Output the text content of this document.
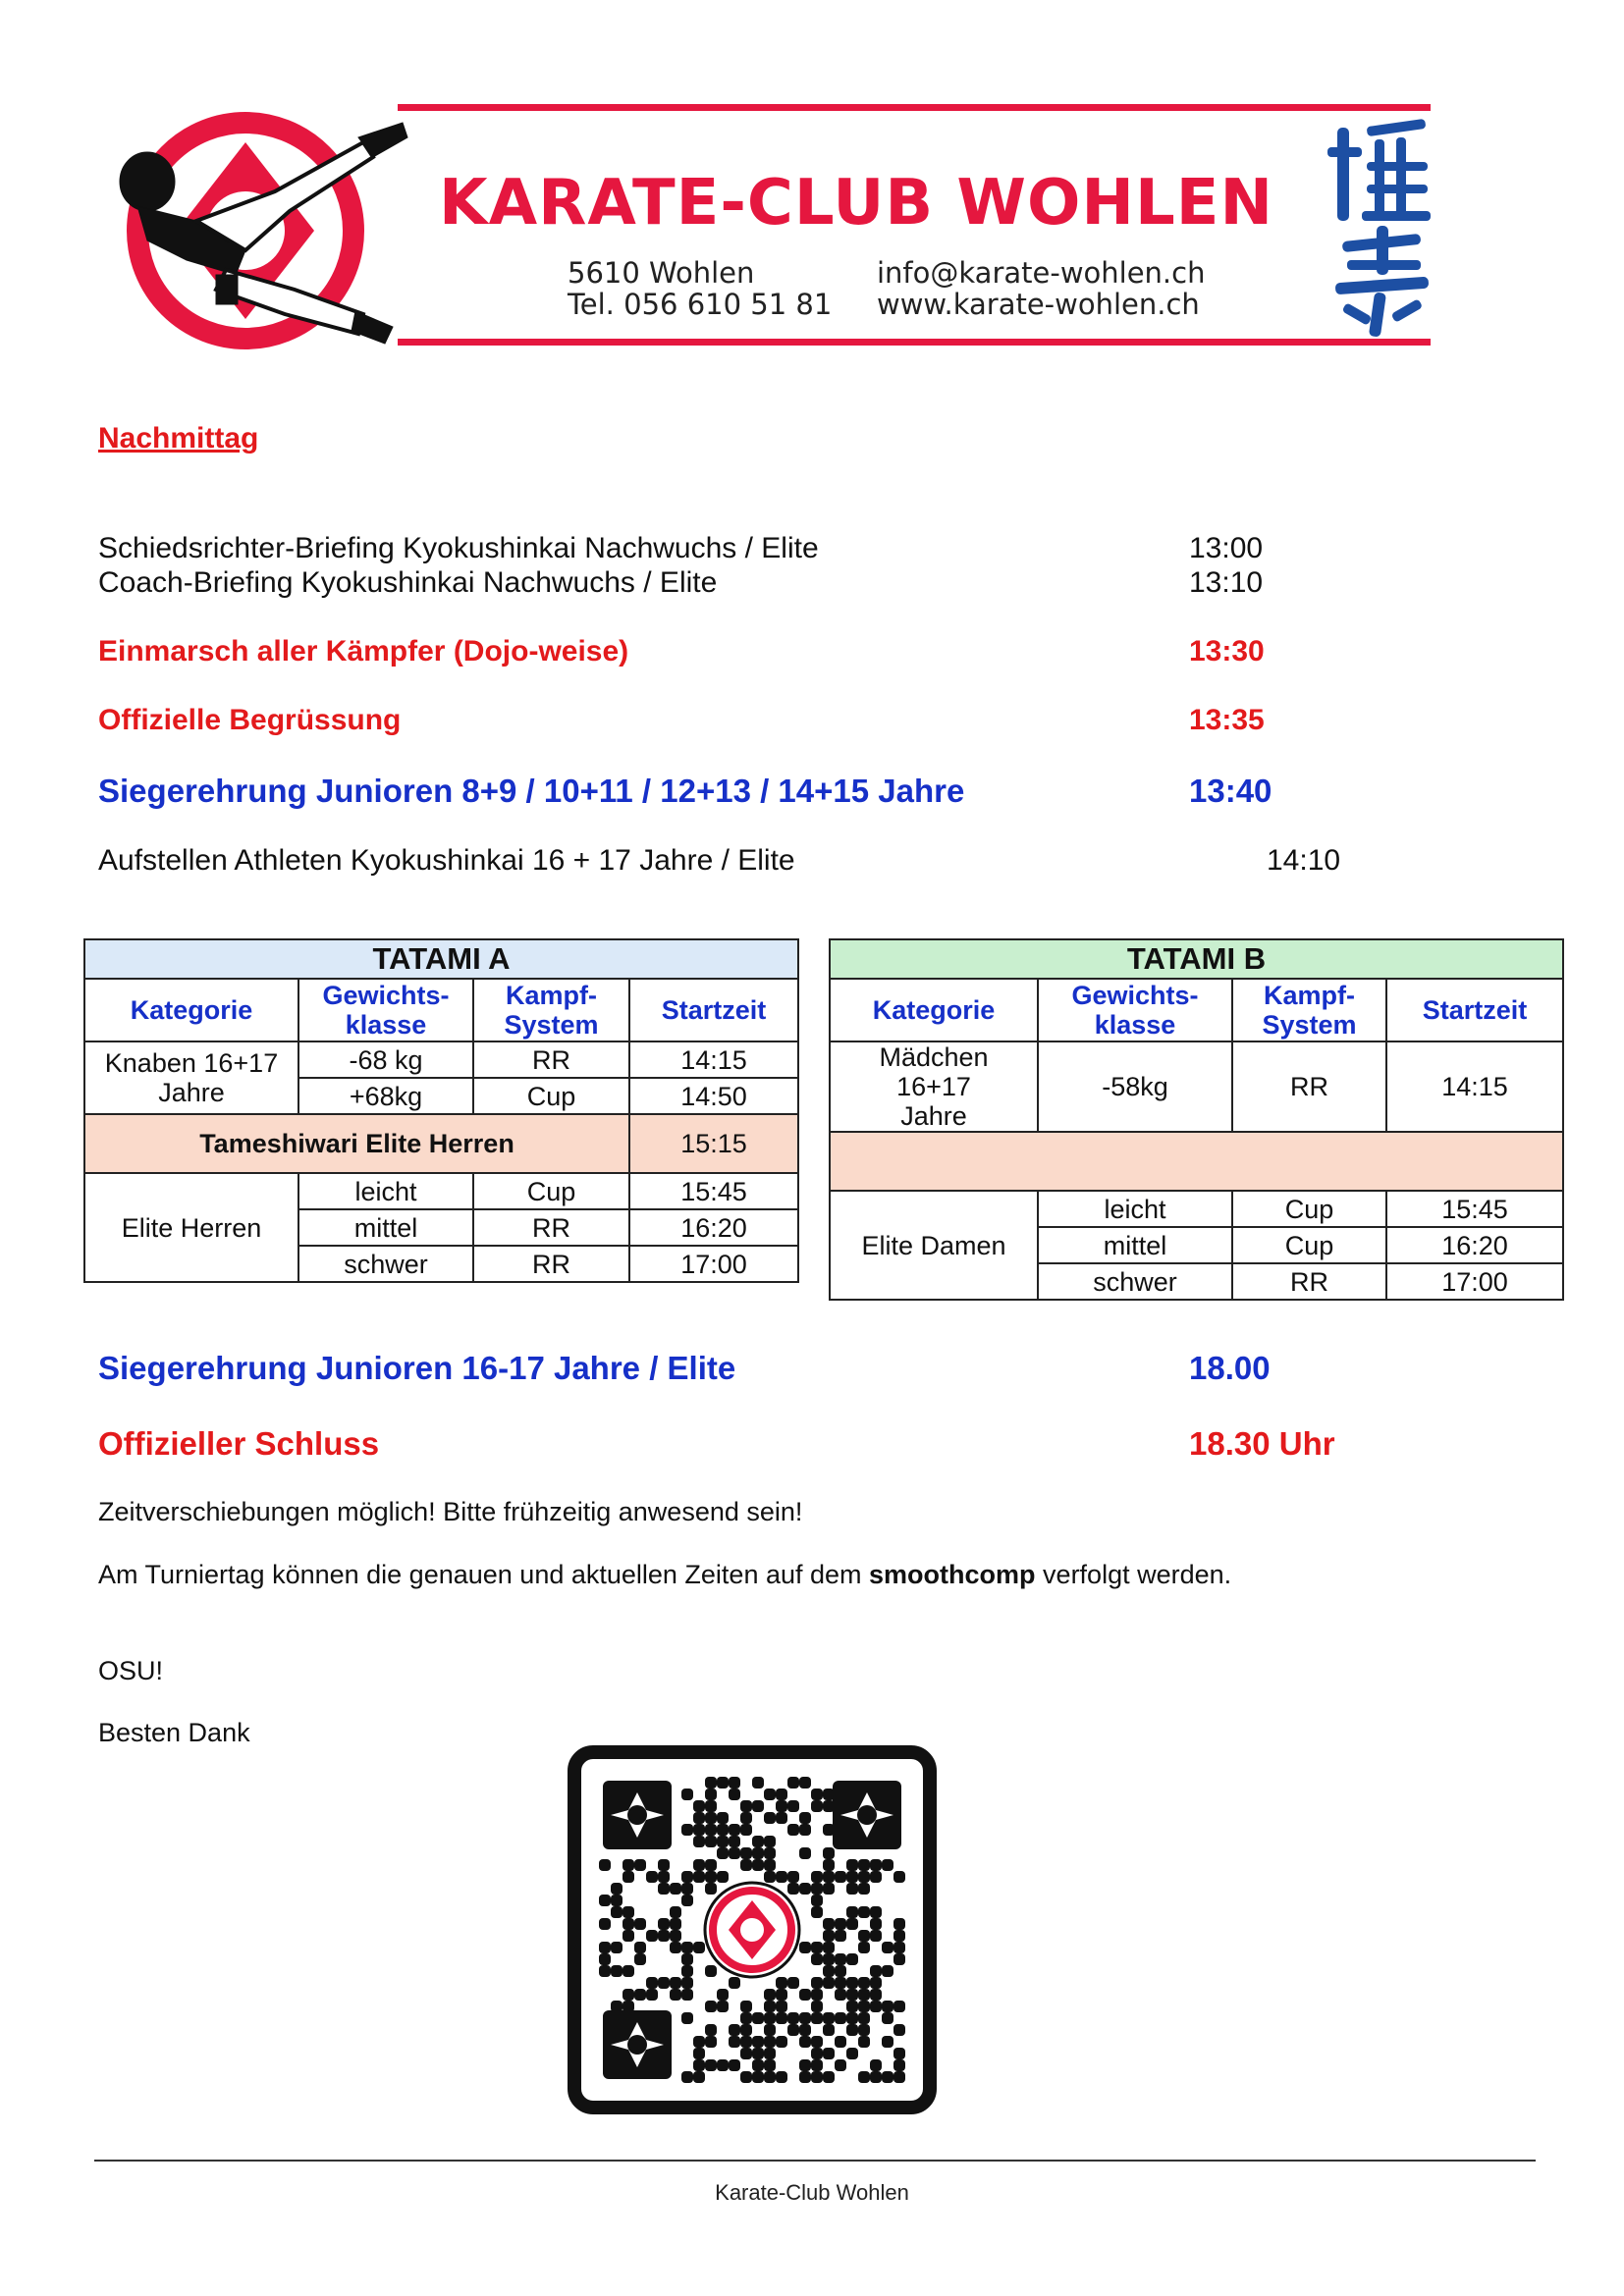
KARATE-CLUB WOHLEN
5610 Wohlen
Tel. 056 610 51 81
info@karate-wohlen.ch
www.karate-wohlen.ch
Nachmittag
Schiedsrichter-Briefing Kyokushinkai Nachwuchs / Elite	13:00
Coach-Briefing Kyokushinkai Nachwuchs / Elite	13:10
Einmarsch aller Kämpfer (Dojo-weise)	13:30
Offizielle Begrüssung	13:35
Siegerehrung Junioren 8+9 / 10+11 / 12+13 / 14+15 Jahre	13:40
Aufstellen Athleten Kyokushinkai 16 + 17 Jahre / Elite	14:10
TATAMI A			
Kategorie	Gewichts-klasse	Kampf-System	Startzeit
Knaben 16+17 Jahre	-68 kg	RR	14:15
	+68kg	Cup	14:50
Tameshiwari Elite Herren			15:15
Elite Herren	leicht	Cup	15:45
	mittel	RR	16:20
	schwer	RR	17:00
TATAMI B			
Kategorie	Gewichts-klasse	Kampf-System	Startzeit
Mädchen 16+17 Jahre	-58kg	RR	14:15

Elite Damen	leicht	Cup	15:45
	mittel	Cup	16:20
	schwer	RR	17:00
Siegerehrung Junioren 16-17 Jahre / Elite	18.00
Offizieller Schluss	18.30 Uhr
Zeitverschiebungen möglich! Bitte frühzeitig anwesend sein!
Am Turniertag können die genauen und aktuellen Zeiten auf dem smoothcomp verfolgt werden.
OSU!
Besten Dank
Karate-Club Wohlen
